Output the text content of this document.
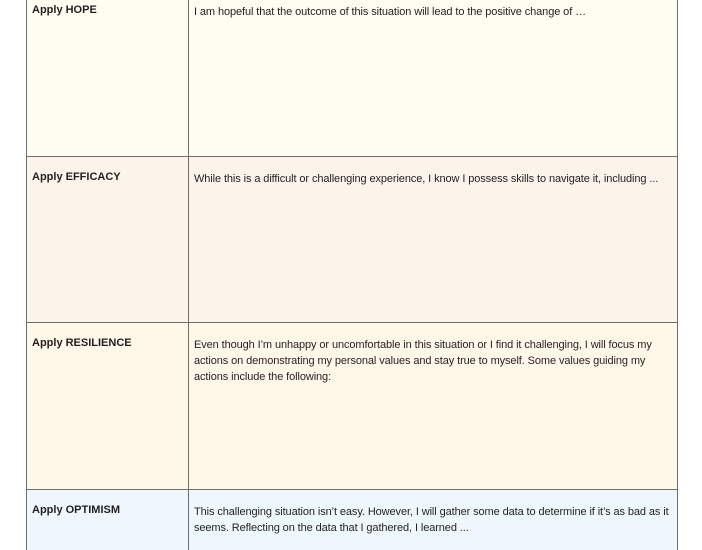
Apply HOPE	I am hopeful that the outcome of this situation will lead to the positive change of …
Apply EFFICACY	While this is a difficult or challenging experience, I know I possess skills to navigate it, including ...
Apply RESILIENCE	Even though I’m unhappy or uncomfortable in this situation or I find it challenging, I will focus my actions on demonstrating my personal values and stay true to myself. Some values guiding my actions include the following:
Apply OPTIMISM	This challenging situation isn’t easy. However, I will gather some data to determine if it’s as bad as it seems. Reflecting on the data that I gathered, I learned ...
